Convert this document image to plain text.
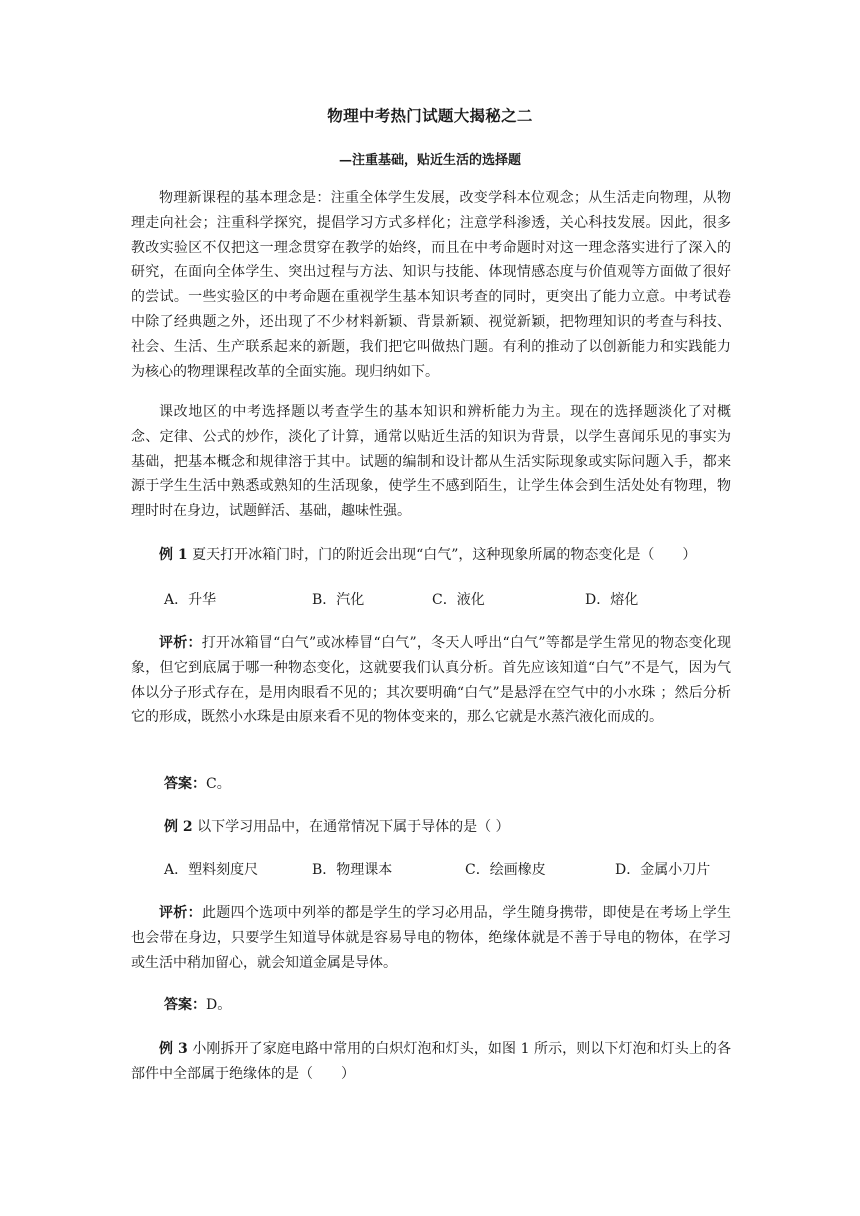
物理中考热门试题大揭秘之二
—注重基础，贴近生活的选择题

物理新课程的基本理念是：注重全体学生发展，改变学科本位观念；从生活走向物理，从物理走向社会；注重科学探究，提倡学习方式多样化；注意学科渗透，关心科技发展。因此，很多教改实验区不仅把这一理念贯穿在教学的始终，而且在中考命题时对这一理念落实进行了深入的研究，在面向全体学生、突出过程与方法、知识与技能、体现情感态度与价值观等方面做了很好的尝试。一些实验区的中考命题在重视学生基本知识考查的同时，更突出了能力立意。中考试卷中除了经典题之外，还出现了不少材料新颖、背景新颖、视觉新颖，把物理知识的考查与科技、社会、生活、生产联系起来的新题，我们把它叫做热门题。有利的推动了以创新能力和实践能力为核心的物理课程改革的全面实施。现归纳如下。

课改地区的中考选择题以考查学生的基本知识和辨析能力为主。现在的选择题淡化了对概念、定律、公式的炒作，淡化了计算，通常以贴近生活的知识为背景，以学生喜闻乐见的事实为基础，把基本概念和规律溶于其中。试题的编制和设计都从生活实际现象或实际问题入手，都来源于学生生活中熟悉或熟知的生活现象，使学生不感到陌生，让学生体会到生活处处有物理，物理时时在身边，试题鲜活、基础，趣味性强。

例 1 夏天打开冰箱门时，门的附近会出现“白气”，这种现象所属的物态变化是（　　）

A．升华	B．汽化	C．液化	D．熔化

评析：打开冰箱冒“白气”或冰棒冒“白气”，冬天人呼出“白气”等都是学生常见的物态变化现象，但它到底属于哪一种物态变化，这就要我们认真分析。首先应该知道“白气”不是气，因为气体以分子形式存在，是用肉眼看不见的；其次要明确“白气”是悬浮在空气中的小水珠 ；然后分析它的形成，既然小水珠是由原来看不见的物体变来的，那么它就是水蒸汽液化而成的。

答案：C。
例 2 以下学习用品中，在通常情况下属于导体的是（ ）
A．塑料刻度尺	B．物理课本	C．绘画橡皮	D．金属小刀片

评析：此题四个选项中列举的都是学生的学习必用品，学生随身携带，即使是在考场上学生也会带在身边，只要学生知道导体就是容易导电的物体，绝缘体就是不善于导电的物体，在学习或生活中稍加留心，就会知道金属是导体。

答案：D。

例 3 小刚拆开了家庭电路中常用的白炽灯泡和灯头，如图 1 所示，则以下灯泡和灯头上的各部件中全部属于绝缘体的是（　　）
